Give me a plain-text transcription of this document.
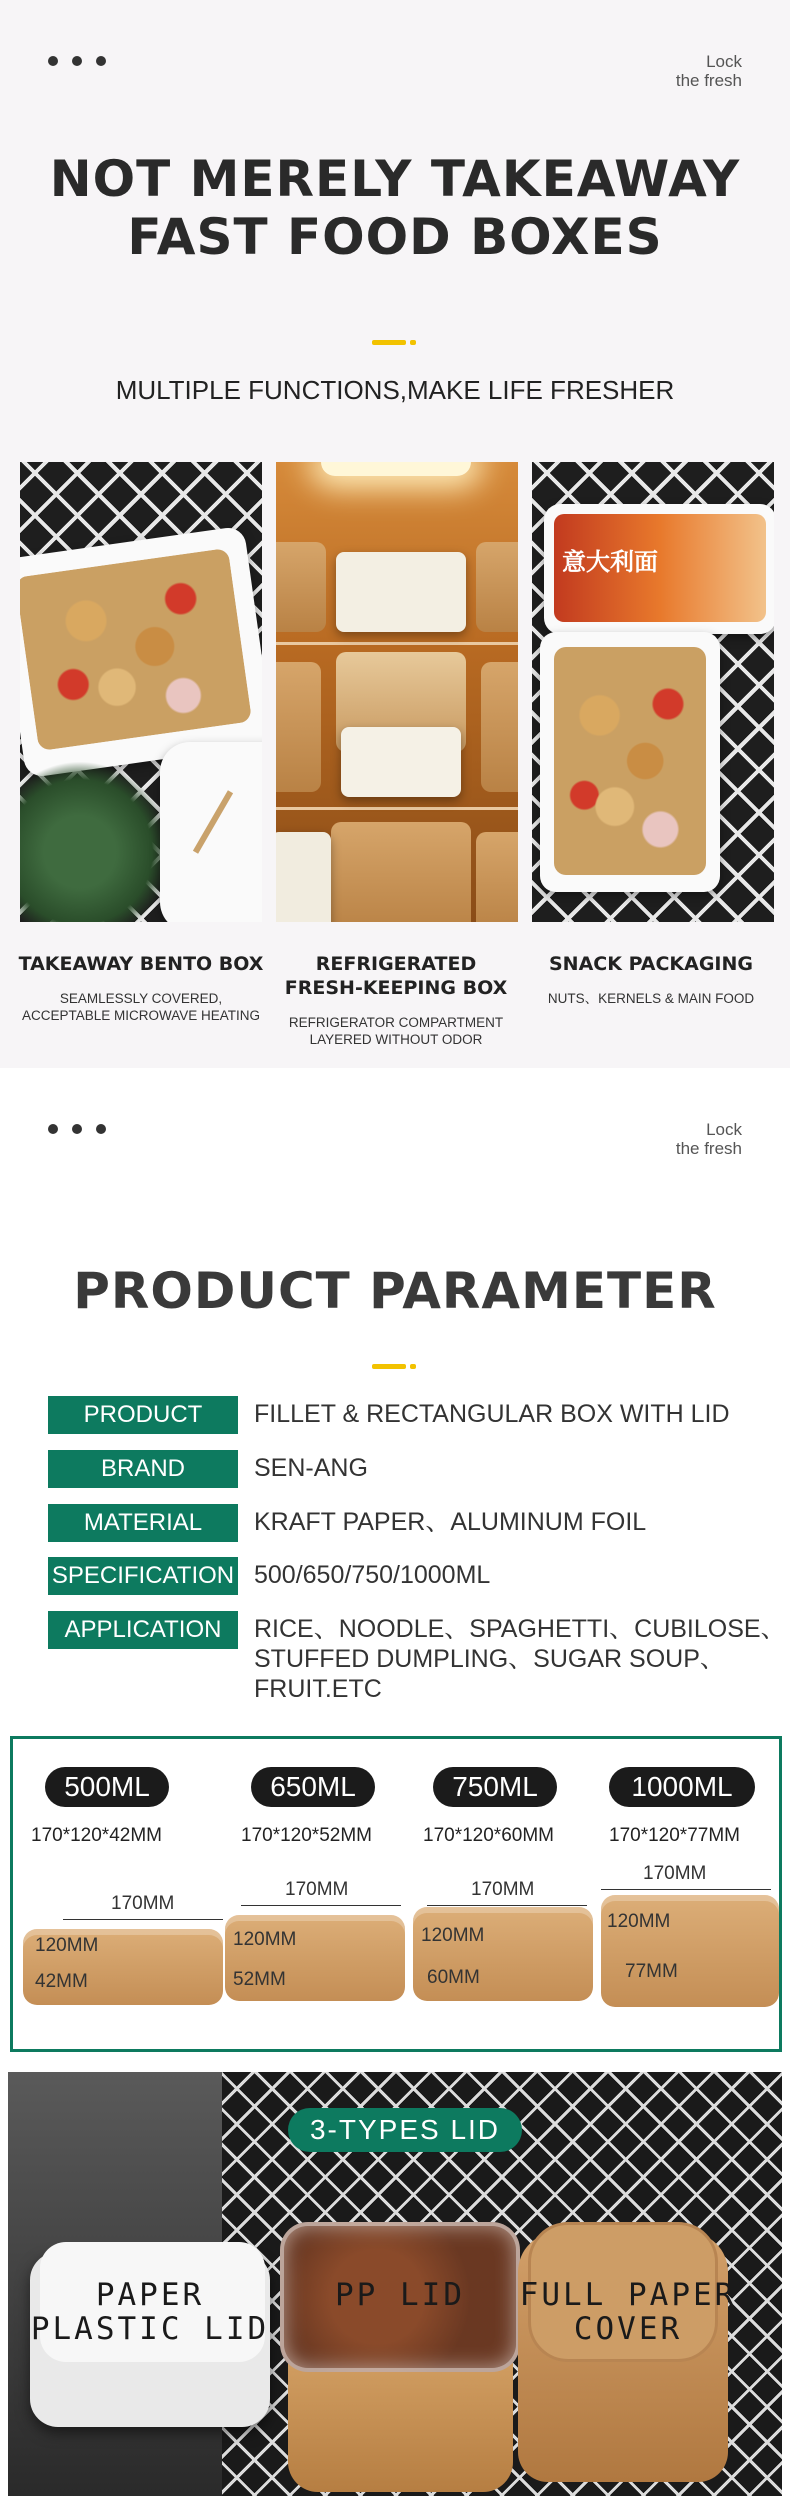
Lock
the fresh
NOT MERELY TAKEAWAY
FAST FOOD BOXES
MULTIPLE FUNCTIONS,MAKE LIFE FRESHER
意大利面
TAKEAWAY BENTO BOX
SEAMLESSLY COVERED,
ACCEPTABLE MICROWAVE HEATING
REFRIGERATED
FRESH-KEEPING BOX
REFRIGERATOR COMPARTMENT
LAYERED WITHOUT ODOR
SNACK PACKAGING
NUTS、KERNELS & MAIN FOOD
Lock
the fresh
PRODUCT PARAMETER
PRODUCT	FILLET & RECTANGULAR BOX WITH LID
BRAND	SEN-ANG
MATERIAL	KRAFT PAPER、ALUMINUM FOIL
SPECIFICATION 500/650/750/1000ML
APPLICATION	RICE、NOODLE、SPAGHETTI、CUBILOSE、
STUFFED DUMPLING、SUGAR SOUP、
FRUIT.ETC
500ML	650ML	750ML	1000ML
170*120*42MM	170*120*52MM	170*120*60MM	170*120*77MM
170MM
120MM
42MM
170MM
120MM
52MM
170MM
120MM
60MM
170MM
120MM
77MM
3-TYPES LID
PAPER
PLASTIC LID
PP LID	FULL PAPER
COVER
